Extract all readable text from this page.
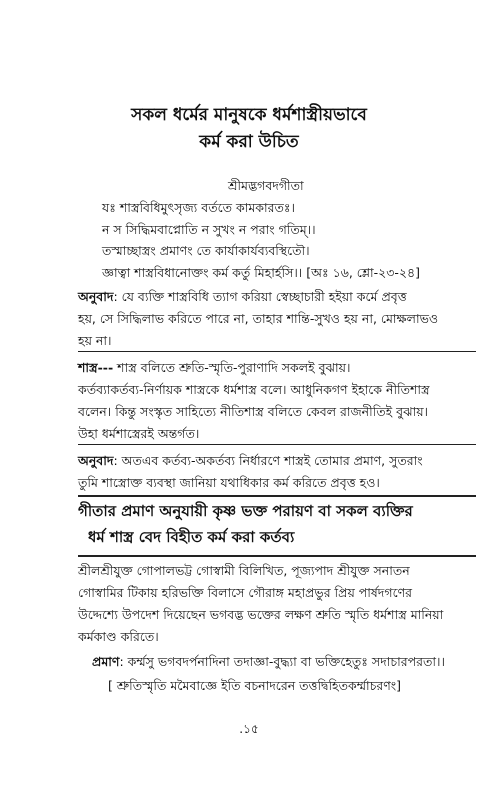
সকল ধর্মের মানুষকে ধর্মশাস্ত্রীয়ভাবে
কর্ম করা উচিত
শ্রীমদ্ভগবদগীতা
যঃ শাস্ত্রবিধিমুৎসৃজ্য বর্ততে কামকারতঃ।
ন স সিদ্ধিমবাপ্নোতি ন সুখং ন পরাং গতিম্।।
তস্মাচ্ছাস্ত্রং প্রমাণং তে কার্যাকার্যব্যবস্থিতৌ।
জ্ঞাত্বা শাস্ত্রবিধানোক্তং কর্ম কর্তু মিহার্হসি।। [অঃ ১৬, শ্লো-২৩-২৪]
অনুবাদ: যে ব্যক্তি শাস্ত্রবিধি ত্যাগ করিয়া স্বেচ্ছাচারী হইয়া কর্মে প্রবৃত্ত
হয়, সে সিদ্ধিলাভ করিতে পারে না, তাহার শান্তি-সুখও হয় না, মোক্ষলাভও
হয় না।
শাস্ত্র--- শাস্ত্র বলিতে শ্রুতি-স্মৃতি-পুরাণাদি সকলই বুঝায়।
কর্তব্যাকর্তব্য-নির্ণায়ক শাস্ত্রকে ধর্মশাস্ত্র বলে। আধুনিকগণ ইহাকে নীতিশাস্ত্র
বলেন। কিন্তু সংস্কৃত সাহিত্যে নীতিশাস্ত্র বলিতে কেবল রাজনীতিই বুঝায়।
উহা ধর্মশাস্ত্রেরই অন্তর্গত।
অনুবাদ: অতএব কর্তব্য-অকর্তব্য নির্ধারণে শাস্ত্রই তোমার প্রমাণ, সুতরাং
তুমি শাস্ত্রোক্ত ব্যবস্থা জানিয়া যথাধিকার কর্ম করিতে প্রবৃত্ত হও।
গীতার প্রমাণ অনুযায়ী কৃষ্ণ ভক্ত পরায়ণ বা সকল ব্যক্তির
ধর্ম শাস্ত্র বেদ বিহীত কর্ম করা কর্তব্য
শ্রীলশ্রীযুক্ত গোপালভট্ট গোস্বামী বিলিখিত, পূজ্যপাদ শ্রীযুক্ত সনাতন
গোস্বামির টিকায় হরিভক্তি বিলাসে গৌরাঙ্গ মহাপ্রভুর প্রিয় পার্ষদগণের
উদ্দেশ্যে উপদেশ দিয়েছেন ভগবদ্ভ ভক্তের লক্ষণ শ্রুতি স্মৃতি ধর্মশাস্ত্র মানিয়া
কর্মকাণ্ড করিতে।
প্রমাণ: কর্ম্মসু ভগবদর্পনাদিনা তদাজ্ঞা-বুদ্ধ্যা বা ভক্তিহেতুঃ সদাচারপরতা।।
[ শ্রুতিস্মৃতি মমৈবাজ্ঞে ইতি বচনাদরেন তত্তদ্বিহিতকর্ম্মাচরণং]
.১৫
